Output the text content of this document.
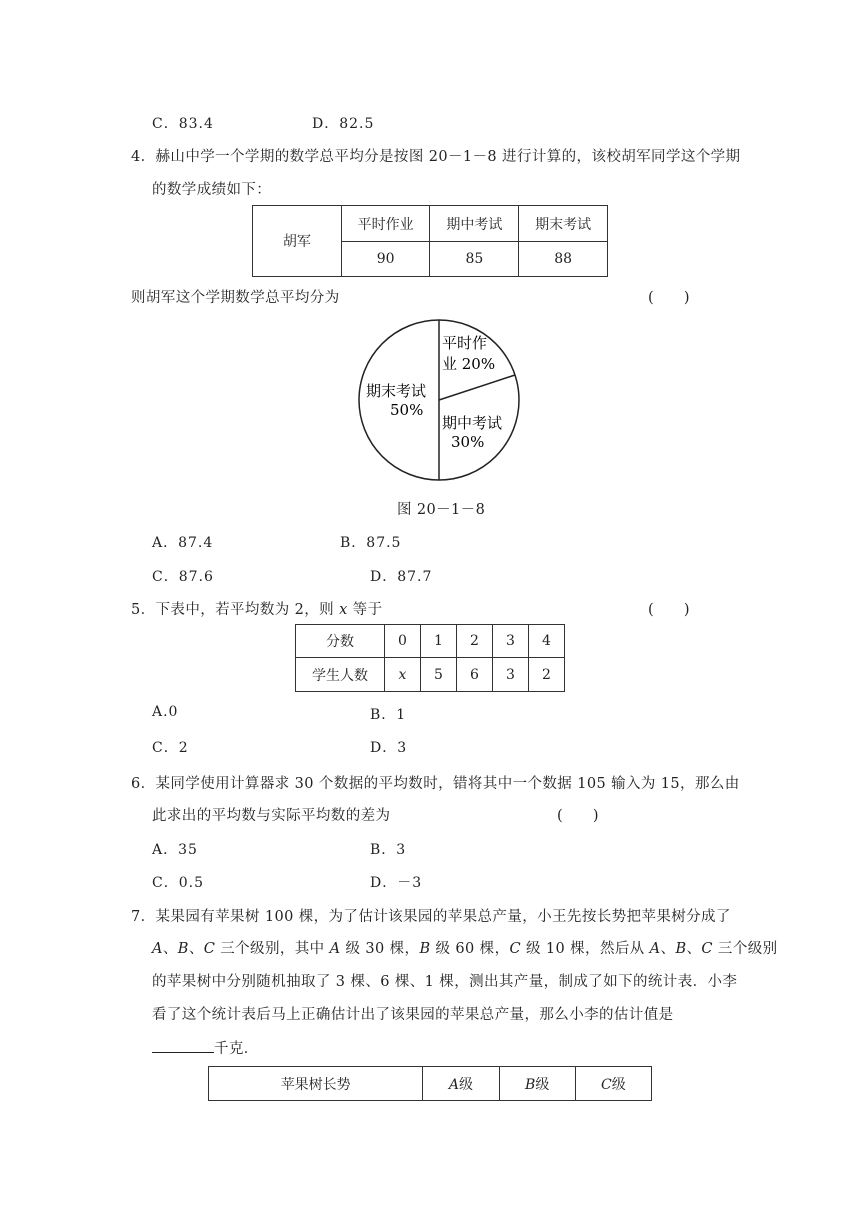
C．83.4	D．82.5
4．赫山中学一个学期的数学总平均分是按图 20－1－8 进行计算的，该校胡军同学这个学期
的数学成绩如下：
胡军	平时作业	期中考试	期末考试
	90	85	88
则胡军这个学期数学总平均分为	(　　)
平时作
业 20%
期末考试
50%
期中考试
30%
图 20－1－8
A．87.4	B．87.5
C．87.6	D．87.7
5．下表中，若平均数为 2，则 x 等于	(　　)
分数	0	1	2	3	4
学生人数	x	5	6	3	2
A.0	B．1
C．2	D．3
6．某同学使用计算器求 30 个数据的平均数时，错将其中一个数据 105 输入为 15，那么由
此求出的平均数与实际平均数的差为	(　　)
A．35	B．3
C．0.5	D．－3
7．某果园有苹果树 100 棵，为了估计该果园的苹果总产量，小王先按长势把苹果树分成了
A、B、C 三个级别，其中 A 级 30 棵，B 级 60 棵，C 级 10 棵，然后从 A、B、C 三个级别
的苹果树中分别随机抽取了 3 棵、6 棵、1 棵，测出其产量，制成了如下的统计表．小李
看了这个统计表后马上正确估计出了该果园的苹果总产量，那么小李的估计值是
千克．
苹果树长势	A级	B级	C级
